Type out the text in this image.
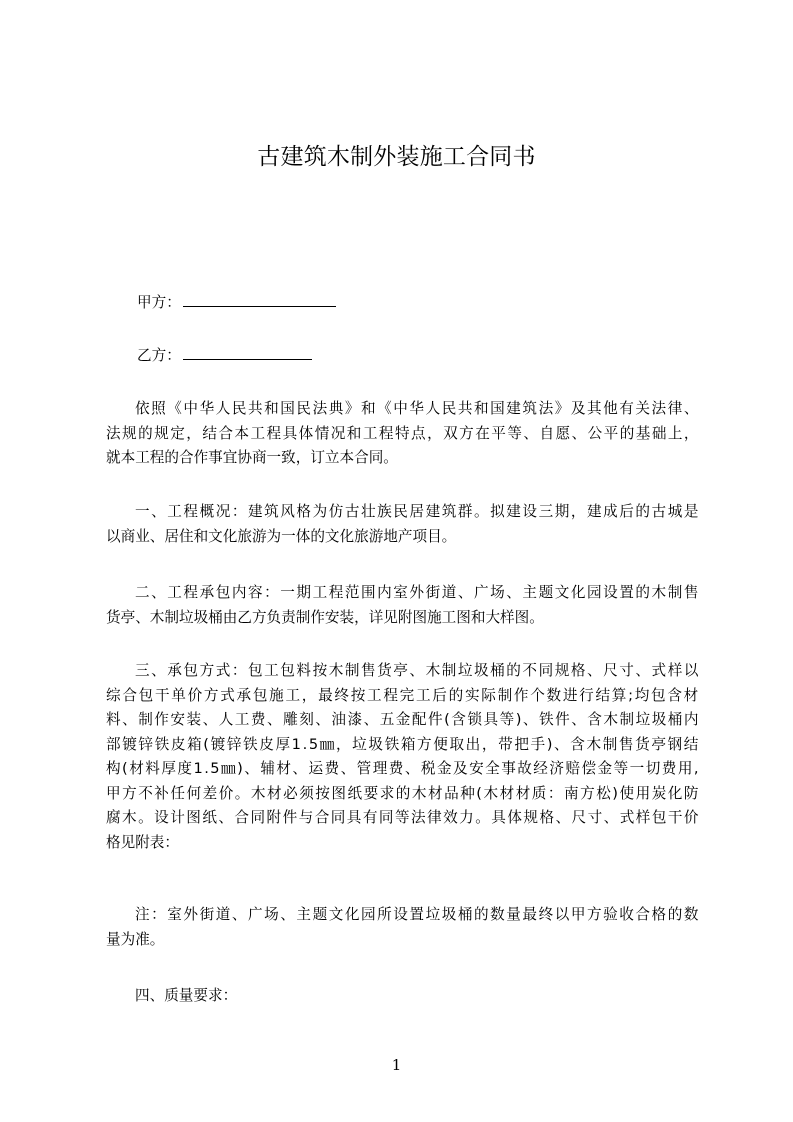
古建筑木制外装施工合同书
甲方：
乙方：
依照《中华人民共和国民法典》和《中华人民共和国建筑法》及其他有关法律、
法规的规定，结合本工程具体情况和工程特点，双方在平等、自愿、公平的基础上，
就本工程的合作事宜协商一致，订立本合同。
一、工程概况：建筑风格为仿古壮族民居建筑群。拟建设三期，建成后的古城是
以商业、居住和文化旅游为一体的文化旅游地产项目。
二、工程承包内容：一期工程范围内室外街道、广场、主题文化园设置的木制售
货亭、木制垃圾桶由乙方负责制作安装，详见附图施工图和大样图。
三、承包方式：包工包料按木制售货亭、木制垃圾桶的不同规格、尺寸、式样以
综合包干单价方式承包施工，最终按工程完工后的实际制作个数进行结算;均包含材
料、制作安装、人工费、雕刻、油漆、五金配件(含锁具等)、铁件、含木制垃圾桶内
部镀锌铁皮箱(镀锌铁皮厚1.5㎜，垃圾铁箱方便取出，带把手)、含木制售货亭钢结
构(材料厚度1.5㎜)、辅材、运费、管理费、税金及安全事故经济赔偿金等一切费用,
甲方不补任何差价。木材必须按图纸要求的木材品种(木材材质：南方松)使用炭化防
腐木。设计图纸、合同附件与合同具有同等法律效力。具体规格、尺寸、式样包干价
格见附表：
注：室外街道、广场、主题文化园所设置垃圾桶的数量最终以甲方验收合格的数
量为准。
四、质量要求：
1
